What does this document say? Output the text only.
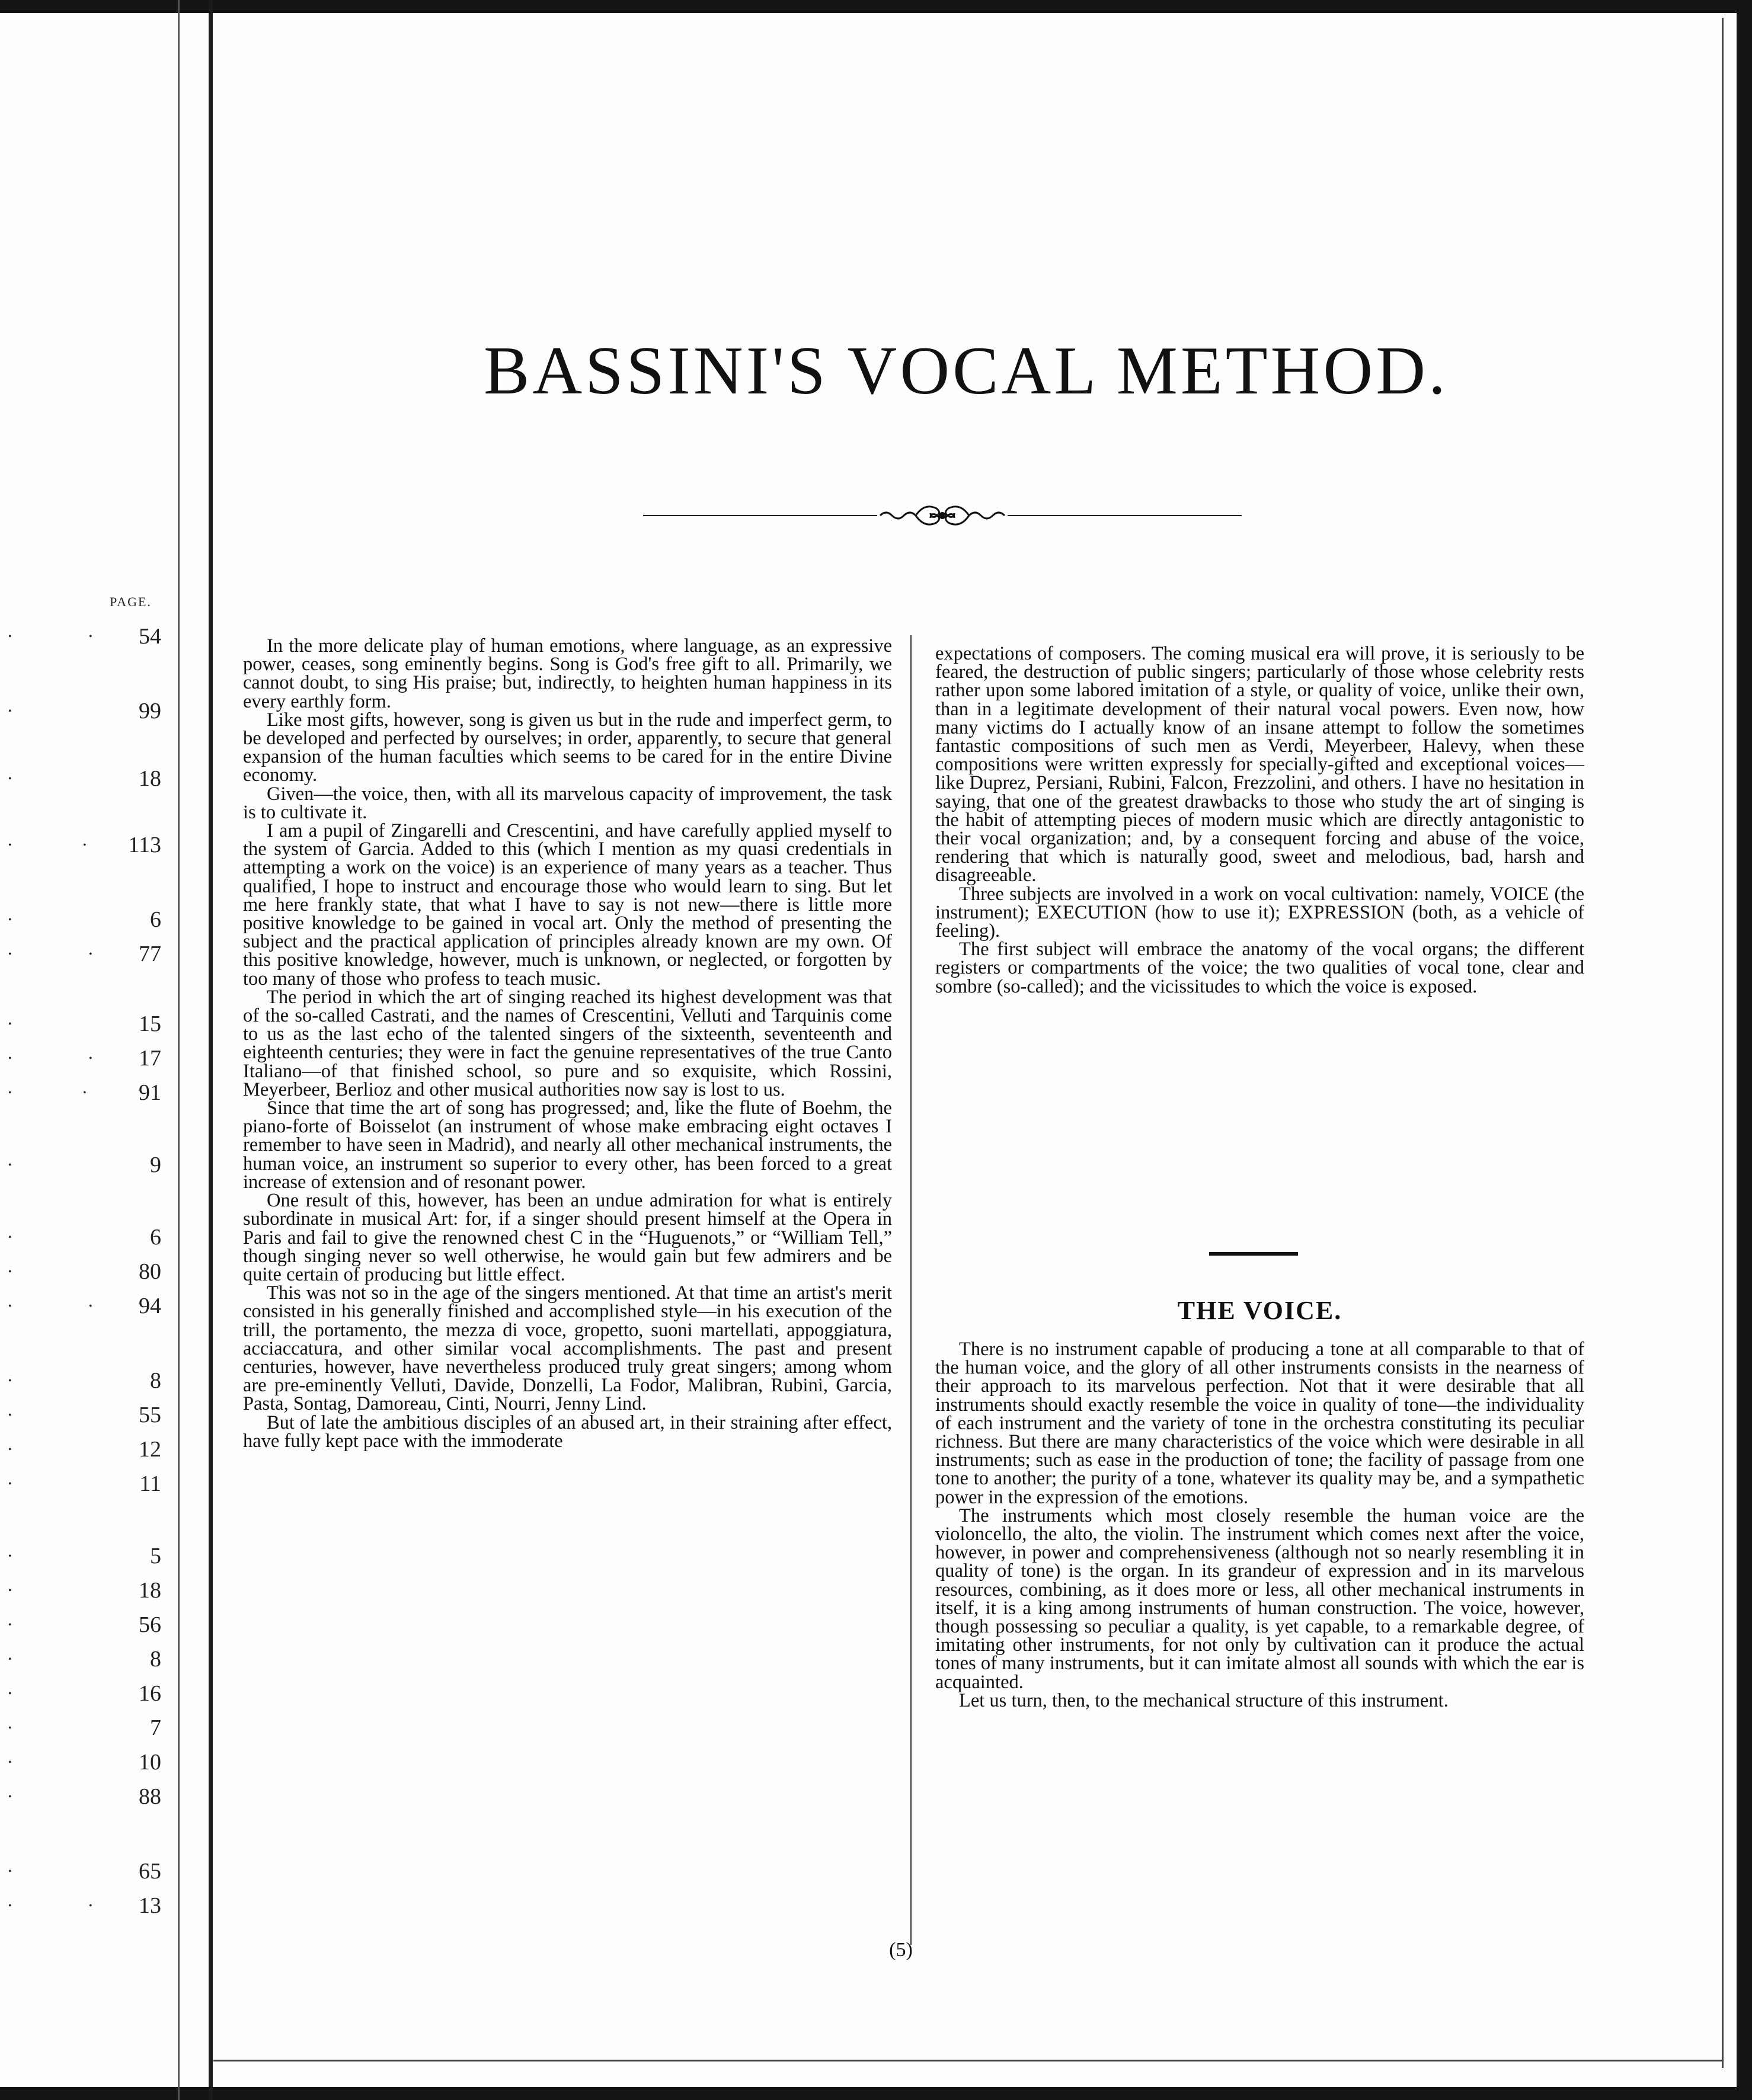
PAGE.
•	• 54
•	99
•	18
•	• 113
•	6
•	• 77
•	15
•	• 17
•	• 91
•	9
•	6
•	80
•	• 94
•	8
•	55
•	12
•	11
•	5
•	18
•	56
•	8
•	16
•	7
•	10
•	88
•	65
•	• 13
BASSINI'S VOCAL METHOD.

In the more delicate play of human emotions, where language, as an expressive power, ceases, song eminently begins. Song is God's free gift to all. Primarily, we cannot doubt, to sing His praise; but, indirectly, to heighten human happiness in its every earthly form.

Like most gifts, however, song is given us but in the rude and imperfect germ, to be developed and perfected by ourselves; in order, apparently, to secure that general expansion of the human faculties which seems to be cared for in the entire Divine economy.

Given—the voice, then, with all its marvelous capacity of improvement, the task is to cultivate it.

I am a pupil of Zingarelli and Crescentini, and have carefully applied myself to the system of Garcia. Added to this (which I mention as my quasi credentials in attempting a work on the voice) is an experience of many years as a teacher. Thus qualified, I hope to instruct and encourage those who would learn to sing. But let me here frankly state, that what I have to say is not new—there is little more positive knowledge to be gained in vocal art. Only the method of presenting the subject and the practical application of principles already known are my own. Of this positive knowledge, however, much is unknown, or neglected, or forgotten by too many of those who profess to teach music.

The period in which the art of singing reached its highest development was that of the so-called Castrati, and the names of Crescentini, Velluti and Tarquinis come to us as the last echo of the talented singers of the sixteenth, seventeenth and eighteenth centuries; they were in fact the genuine representatives of the true Canto Italiano—of that finished school, so pure and so exquisite, which Rossini, Meyerbeer, Berlioz and other musical authorities now say is lost to us.

Since that time the art of song has progressed; and, like the flute of Boehm, the piano-forte of Boisselot (an instrument of whose make embracing eight octaves I remember to have seen in Madrid), and nearly all other mechanical instruments, the human voice, an instrument so superior to every other, has been forced to a great increase of extension and of resonant power.

One result of this, however, has been an undue admiration for what is entirely subordinate in musical Art: for, if a singer should present himself at the Opera in Paris and fail to give the renowned chest C in the “Huguenots,” or “William Tell,” though singing never so well otherwise, he would gain but few admirers and be quite certain of producing but little effect.

This was not so in the age of the singers mentioned. At that time an artist's merit consisted in his generally finished and accomplished style—in his execution of the trill, the portamento, the mezza di voce, gropetto, suoni martellati, appoggiatura, acciaccatura, and other similar vocal accomplishments. The past and present centuries, however, have nevertheless produced truly great singers; among whom are pre-eminently Velluti, Davide, Donzelli, La Fodor, Malibran, Rubini, Garcia, Pasta, Sontag, Damoreau, Cinti, Nourri, Jenny Lind.

But of late the ambitious disciples of an abused art, in their straining after effect, have fully kept pace with the immoderate

expectations of composers. The coming musical era will prove, it is seriously to be feared, the destruction of public singers; particularly of those whose celebrity rests rather upon some labored imitation of a style, or quality of voice, unlike their own, than in a legitimate development of their natural vocal powers. Even now, how many victims do I actually know of an insane attempt to follow the sometimes fantastic compositions of such men as Verdi, Meyerbeer, Halevy, when these compositions were written expressly for specially-gifted and exceptional voices—like Duprez, Persiani, Rubini, Falcon, Frezzolini, and others. I have no hesitation in saying, that one of the greatest drawbacks to those who study the art of singing is the habit of attempting pieces of modern music which are directly antagonistic to their vocal organization; and, by a consequent forcing and abuse of the voice, rendering that which is naturally good, sweet and melodious, bad, harsh and disagreeable.

Three subjects are involved in a work on vocal cultivation: namely, VOICE (the instrument); EXECUTION (how to use it); EXPRESSION (both, as a vehicle of feeling).

The first subject will embrace the anatomy of the vocal organs; the different registers or compartments of the voice; the two qualities of vocal tone, clear and sombre (so-called); and the vicissitudes to which the voice is exposed.

THE VOICE.

There is no instrument capable of producing a tone at all comparable to that of the human voice, and the glory of all other instruments consists in the nearness of their approach to its marvelous perfection. Not that it were desirable that all instruments should exactly resemble the voice in quality of tone—the individuality of each instrument and the variety of tone in the orchestra constituting its peculiar richness. But there are many characteristics of the voice which were desirable in all instruments; such as ease in the production of tone; the facility of passage from one tone to another; the purity of a tone, whatever its quality may be, and a sympathetic power in the expression of the emotions.

The instruments which most closely resemble the human voice are the violoncello, the alto, the violin. The instrument which comes next after the voice, however, in power and comprehensiveness (although not so nearly resembling it in quality of tone) is the organ. In its grandeur of expression and in its marvelous resources, combining, as it does more or less, all other mechanical instruments in itself, it is a king among instruments of human construction. The voice, however, though possessing so peculiar a quality, is yet capable, to a remarkable degree, of imitating other instruments, for not only by cultivation can it produce the actual tones of many instruments, but it can imitate almost all sounds with which the ear is acquainted.

Let us turn, then, to the mechanical structure of this instrument.

(5)
